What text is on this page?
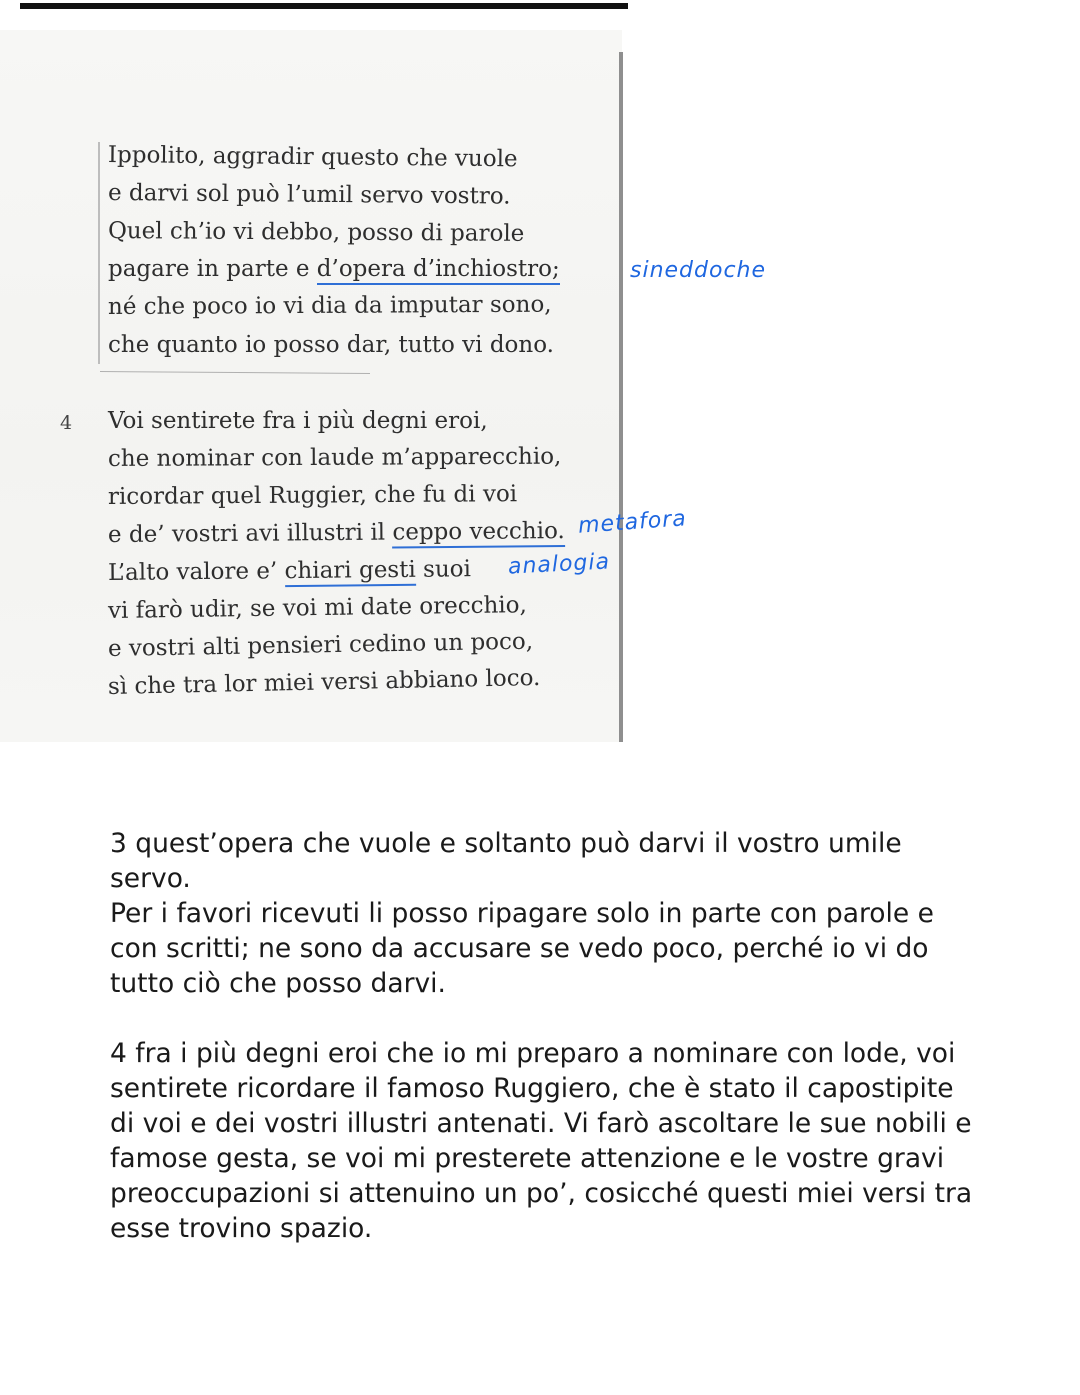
Ippolito, aggradir questo che vuole
e darvi sol può l’umil servo vostro.
Quel ch’io vi debbo, posso di parole
pagare in parte e d’opera d’inchiostro;
né che poco io vi dia da imputar sono,
che quanto io posso dar, tutto vi dono.
sineddoche
4 Voi sentirete fra i più degni eroi,
che nominar con laude m’apparecchio,
ricordar quel Ruggier, che fu di voi
e de’ vostri avi illustri il ceppo vecchio.
L’alto valore e’ chiari gesti suoi
vi farò udir, se voi mi date orecchio,
e vostri alti pensieri cedino un poco,
sì che tra lor miei versi abbiano loco.
metafora
analogia
3 quest’opera che vuole e soltanto può darvi il vostro umile
servo.
Per i favori ricevuti li posso ripagare solo in parte con parole e
con scritti; ne sono da accusare se vedo poco, perché io vi do
tutto ciò che posso darvi.
4 fra i più degni eroi che io mi preparo a nominare con lode, voi
sentirete ricordare il famoso Ruggiero, che è stato il capostipite
di voi e dei vostri illustri antenati. Vi farò ascoltare le sue nobili e
famose gesta, se voi mi presterete attenzione e le vostre gravi
preoccupazioni si attenuino un po’, cosicché questi miei versi tra
esse trovino spazio.
